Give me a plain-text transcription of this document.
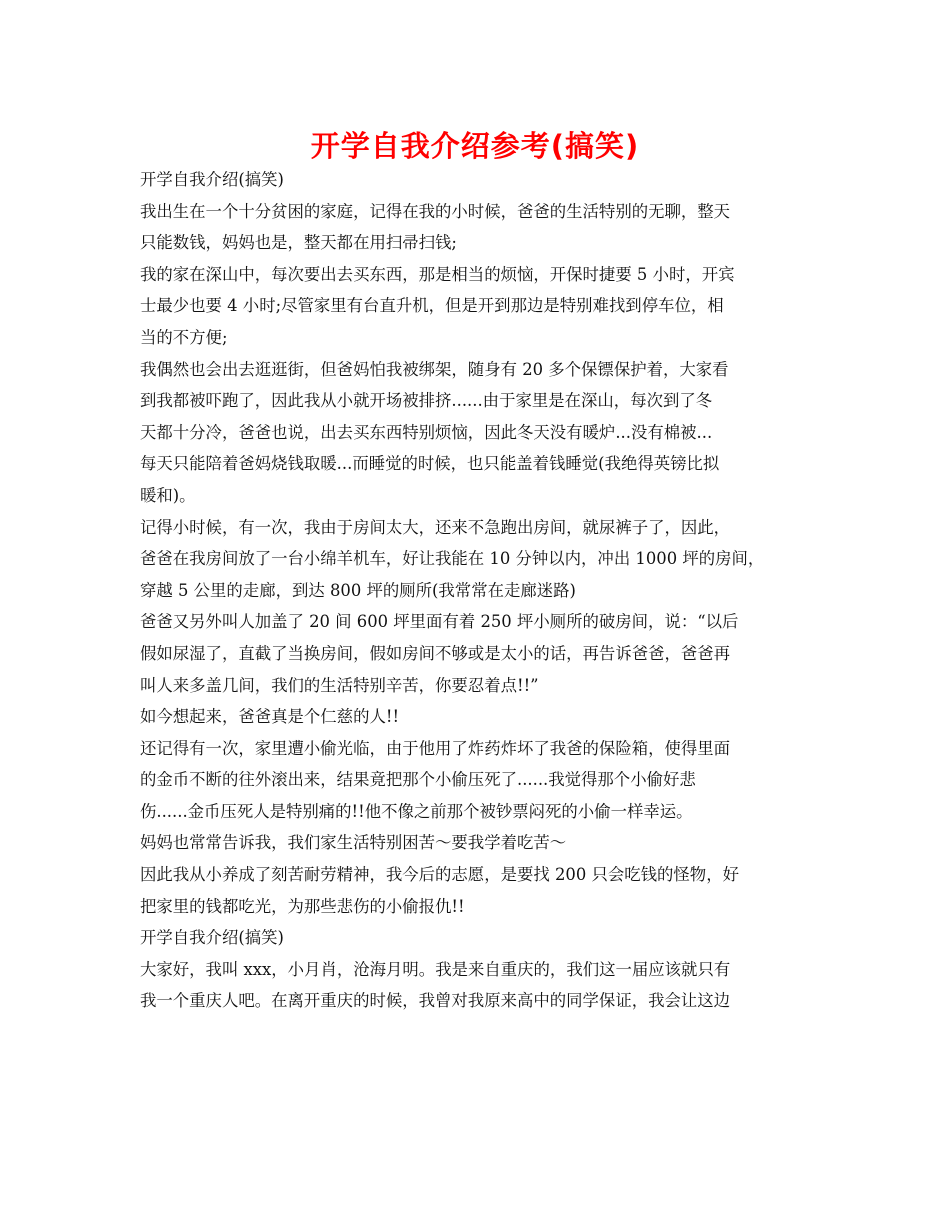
开学自我介绍参考(搞笑)
开学自我介绍(搞笑)
我出生在一个十分贫困的家庭，记得在我的小时候，爸爸的生活特别的无聊，整天
只能数钱，妈妈也是，整天都在用扫帚扫钱;
我的家在深山中，每次要出去买东西，那是相当的烦恼，开保时捷要 5 小时，开宾
士最少也要 4 小时;尽管家里有台直升机，但是开到那边是特别难找到停车位，相
当的不方便;
我偶然也会出去逛逛街，但爸妈怕我被绑架，随身有 20 多个保镖保护着，大家看
到我都被吓跑了，因此我从小就开场被排挤......由于家里是在深山，每次到了冬
天都十分冷，爸爸也说，出去买东西特别烦恼，因此冬天没有暖炉...没有棉被...
每天只能陪着爸妈烧钱取暖...而睡觉的时候，也只能盖着钱睡觉(我绝得英镑比拟
暖和)。
记得小时候，有一次，我由于房间太大，还来不急跑出房间，就尿裤子了，因此，
爸爸在我房间放了一台小绵羊机车，好让我能在 10 分钟以内，冲出 1000 坪的房间，
穿越 5 公里的走廊，到达 800 坪的厕所(我常常在走廊迷路)
爸爸又另外叫人加盖了 20 间 600 坪里面有着 250 坪小厕所的破房间，说：“以后
假如尿湿了，直截了当换房间，假如房间不够或是太小的话，再告诉爸爸，爸爸再
叫人来多盖几间，我们的生活特别辛苦，你要忍着点!!”
如今想起来，爸爸真是个仁慈的人!!
还记得有一次，家里遭小偷光临，由于他用了炸药炸坏了我爸的保险箱，使得里面
的金币不断的往外滚出来，结果竟把那个小偷压死了......我觉得那个小偷好悲
伤......金币压死人是特别痛的!!他不像之前那个被钞票闷死的小偷一样幸运。
妈妈也常常告诉我，我们家生活特别困苦～要我学着吃苦～
因此我从小养成了刻苦耐劳精神，我今后的志愿，是要找 200 只会吃钱的怪物，好
把家里的钱都吃光，为那些悲伤的小偷报仇!!
开学自我介绍(搞笑)
大家好，我叫 xxx，小月肖，沧海月明。我是来自重庆的，我们这一届应该就只有
我一个重庆人吧。在离开重庆的时候，我曾对我原来高中的同学保证，我会让这边
